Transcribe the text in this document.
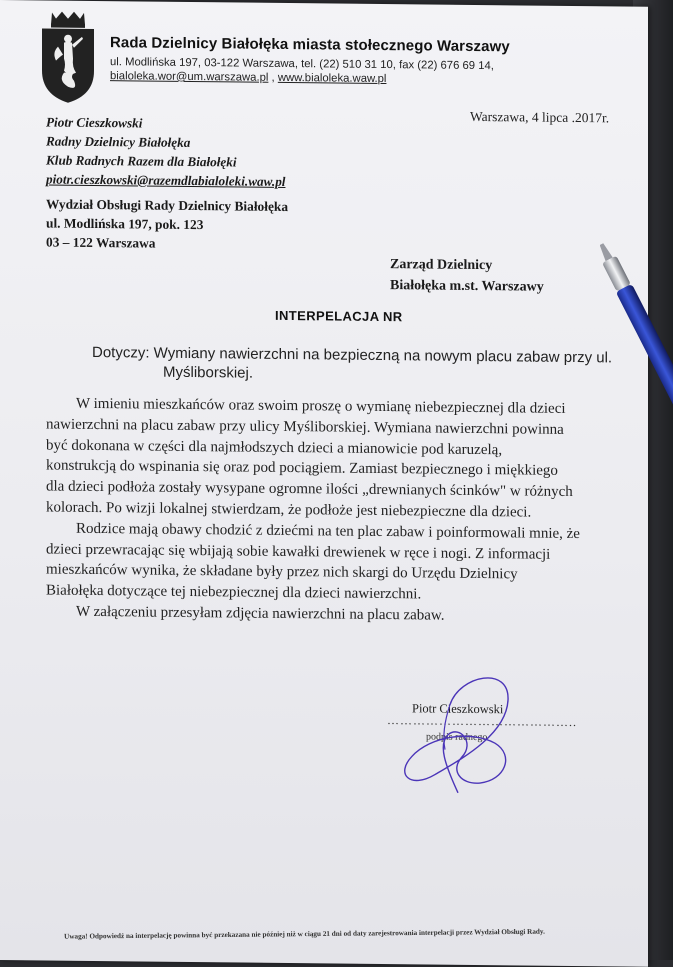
Rada Dzielnicy Białołęka miasta stołecznego Warszawy
ul. Modlińska 197, 03-122 Warszawa, tel. (22) 510 31 10, fax (22) 676 69 14,
bialoleka.wor@um.warszawa.pl , www.bialoleka.waw.pl
Warszawa, 4 lipca .2017r.
Piotr Cieszkowski
Radny Dzielnicy Białołęka
Klub Radnych Razem dla Białołęki
piotr.cieszkowski@razemdlabialoleki.waw.pl
Wydział Obsługi Rady Dzielnicy Białołęka
ul. Modlińska 197, pok. 123
03 – 122 Warszawa
Zarząd Dzielnicy
Białołęka m.st. Warszawy
INTERPELACJA NR
Dotyczy: Wymiany nawierzchni na bezpieczną na nowym placu zabaw przy ul.
Myśliborskiej.

W imieniu mieszkańców oraz swoim proszę o wymianę niebezpiecznej dla dzieci
nawierzchni na placu zabaw przy ulicy Myśliborskiej. Wymiana nawierzchni powinna
być dokonana w części dla najmłodszych dzieci a mianowicie pod karuzelą,
konstrukcją do wspinania się oraz pod pociągiem. Zamiast bezpiecznego i miękkiego
dla dzieci podłoża zostały wysypane ogromne ilości „drewnianych ścinków" w różnych
kolorach. Po wizji lokalnej stwierdzam, że podłoże jest niebezpieczne dla dzieci.

Rodzice mają obawy chodzić z dziećmi na ten plac zabaw i poinformowali mnie, że
dzieci przewracając się wbijają sobie kawałki drewienek w ręce i nogi. Z informacji
mieszkańców wynika, że składane były przez nich skargi do Urzędu Dzielnicy
Białołęka dotyczące tej niebezpiecznej dla dzieci nawierzchni.

W załączeniu przesyłam zdjęcia nawierzchni na placu zabaw.

Piotr Cieszkowski
……………………………………..
podpis radnego
Uwaga! Odpowiedź na interpelację powinna być przekazana nie później niż w ciągu 21 dni od daty zarejestrowania interpelacji przez Wydział Obsługi Rady.
